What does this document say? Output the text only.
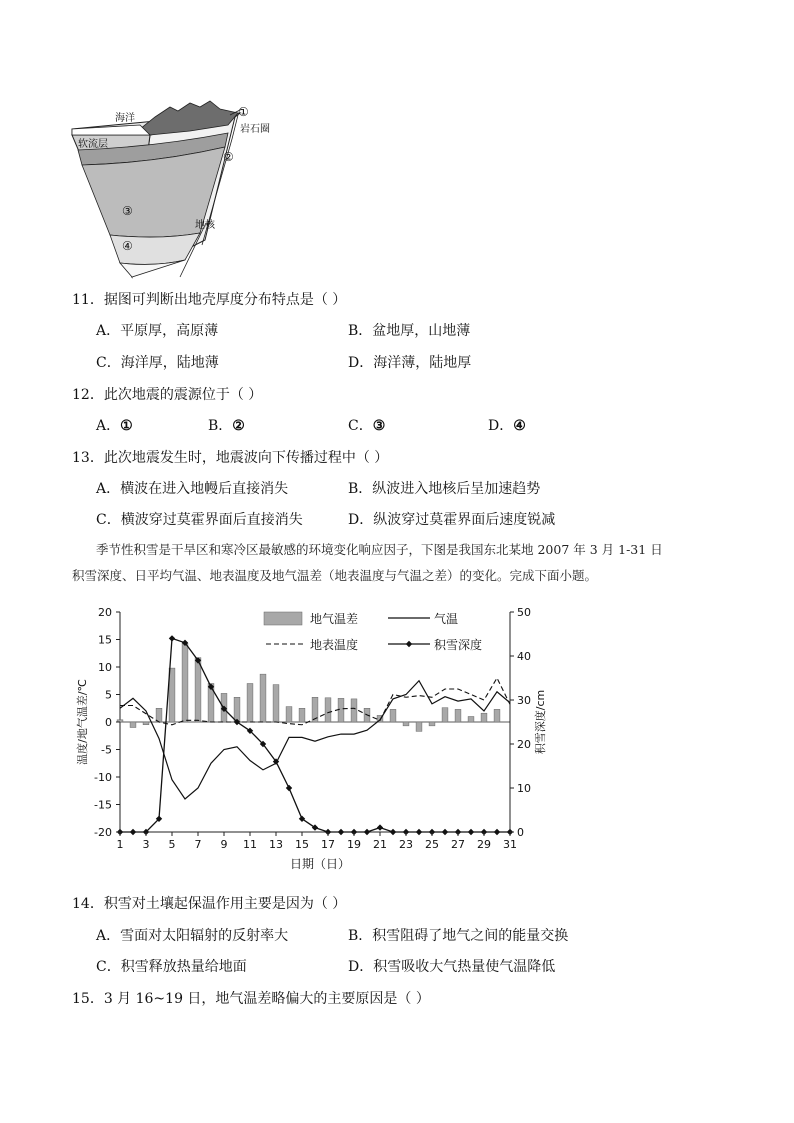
海洋
软流层
岩石圈
地核
①
②
③
④
11．据图可判断出地壳厚度分布特点是（ ）
A．平原厚，高原薄	B．盆地厚，山地薄
C．海洋厚，陆地薄	D．海洋薄，陆地厚
12．此次地震的震源位于（ ）
A．①	B．②	C．③	D．④
13．此次地震发生时，地震波向下传播过程中（ ）
A．横波在进入地幔后直接消失	B．纵波进入地核后呈加速趋势
C．横波穿过莫霍界面后直接消失	D．纵波穿过莫霍界面后速度锐减
季节性积雪是干旱区和寒冷区最敏感的环境变化响应因子，下图是我国东北某地 2007 年 3 月 1-31 日
积雪深度、日平均气温、地表温度及地气温差（地表温度与气温之差）的变化。完成下面小题。
20
15
10
5
0
-5
-10
-15
-20
50
40
30
20
10
0
1 3 5 7 9 11 13 15 17 19 21 23 25 27 29 31
地气温差	气温
地表温度	积雪深度
温度/地气温差/℃	积雪深度/cm
日期（日）
14．积雪对土壤起保温作用主要是因为（ ）
A．雪面对太阳辐射的反射率大	B．积雪阻碍了地气之间的能量交换
C．积雪释放热量给地面	D．积雪吸收大气热量使气温降低
15．3 月 16~19 日，地气温差略偏大的主要原因是（ ）
